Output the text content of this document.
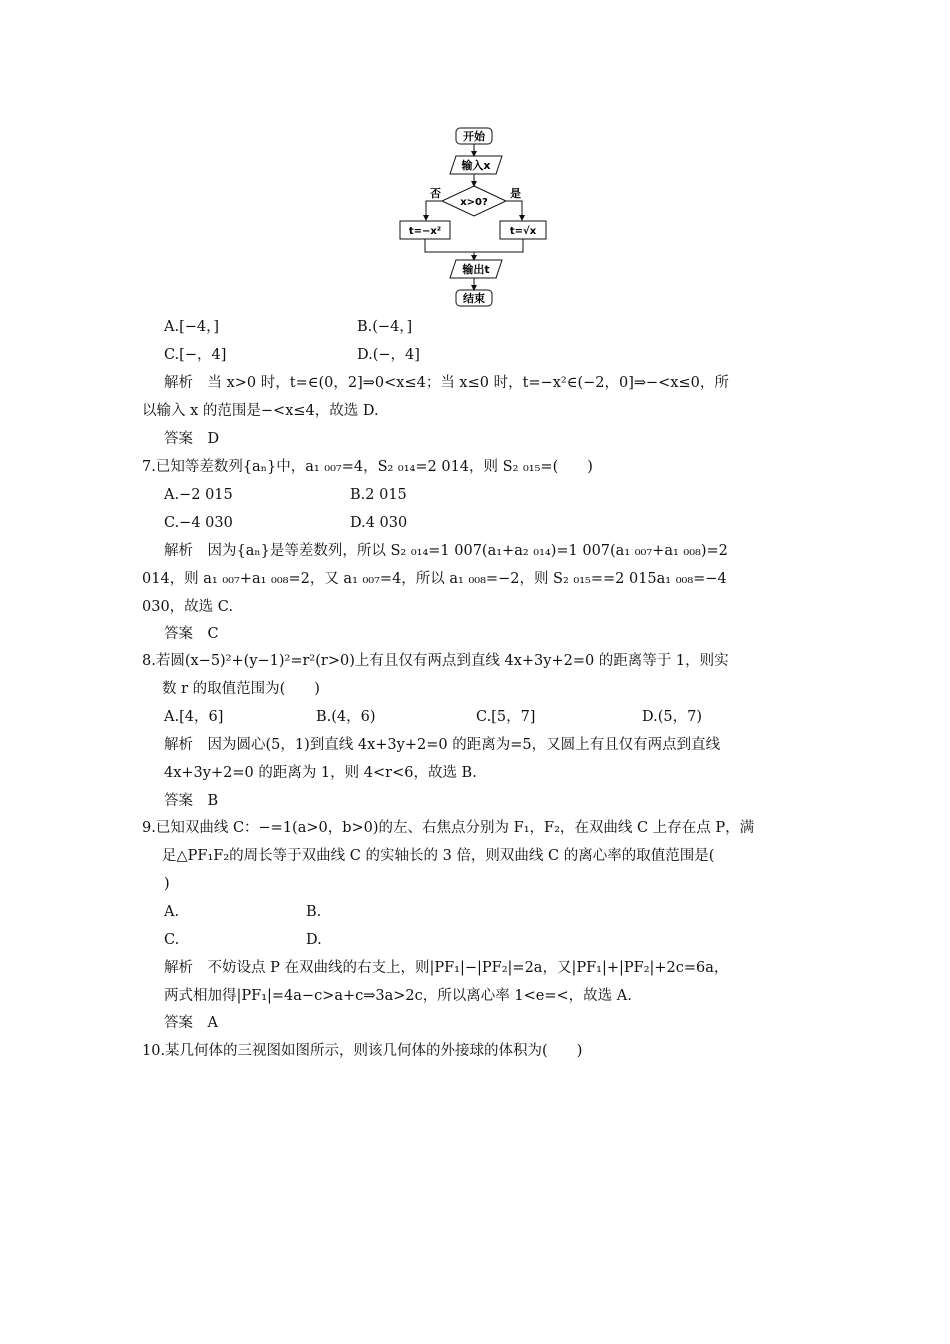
开始
输入x
x>0?
否	是
t=−x²	t=√x
输出t
结束
A.[−4，]	B.(−4，]
C.[−，4]	D.(−，4]
解析　当 x>0 时，t=∈(0，2]⇒0<x≤4；当 x≤0 时，t=−x²∈(−2，0]⇒−<x≤0，所
以输入 x 的范围是−<x≤4，故选 D.
答案　D
7.已知等差数列{aₙ}中，a₁ ₀₀₇=4，S₂ ₀₁₄=2 014，则 S₂ ₀₁₅=(　　)
A.−2 015	B.2 015
C.−4 030	D.4 030
解析　因为{aₙ}是等差数列，所以 S₂ ₀₁₄=1 007(a₁+a₂ ₀₁₄)=1 007(a₁ ₀₀₇+a₁ ₀₀₈)=2
014，则 a₁ ₀₀₇+a₁ ₀₀₈=2，又 a₁ ₀₀₇=4，所以 a₁ ₀₀₈=−2，则 S₂ ₀₁₅==2 015a₁ ₀₀₈=−4
030，故选 C.
答案　C
8.若圆(x−5)²+(y−1)²=r²(r>0)上有且仅有两点到直线 4x+3y+2=0 的距离等于 1，则实
数 r 的取值范围为(　　)
A.[4，6]	B.(4，6)	C.[5，7]	D.(5，7)
解析　因为圆心(5，1)到直线 4x+3y+2=0 的距离为=5，又圆上有且仅有两点到直线
4x+3y+2=0 的距离为 1，则 4<r<6，故选 B.
答案　B
9.已知双曲线 C：−=1(a>0，b>0)的左、右焦点分别为 F₁，F₂，在双曲线 C 上存在点 P，满
足△PF₁F₂的周长等于双曲线 C 的实轴长的 3 倍，则双曲线 C 的离心率的取值范围是(
)
A.	B.
C.	D.
解析　不妨设点 P 在双曲线的右支上，则|PF₁|−|PF₂|=2a，又|PF₁|+|PF₂|+2c=6a，
两式相加得|PF₁|=4a−c>a+c⇒3a>2c，所以离心率 1<e=<，故选 A.
答案　A
10.某几何体的三视图如图所示，则该几何体的外接球的体积为(　　)
